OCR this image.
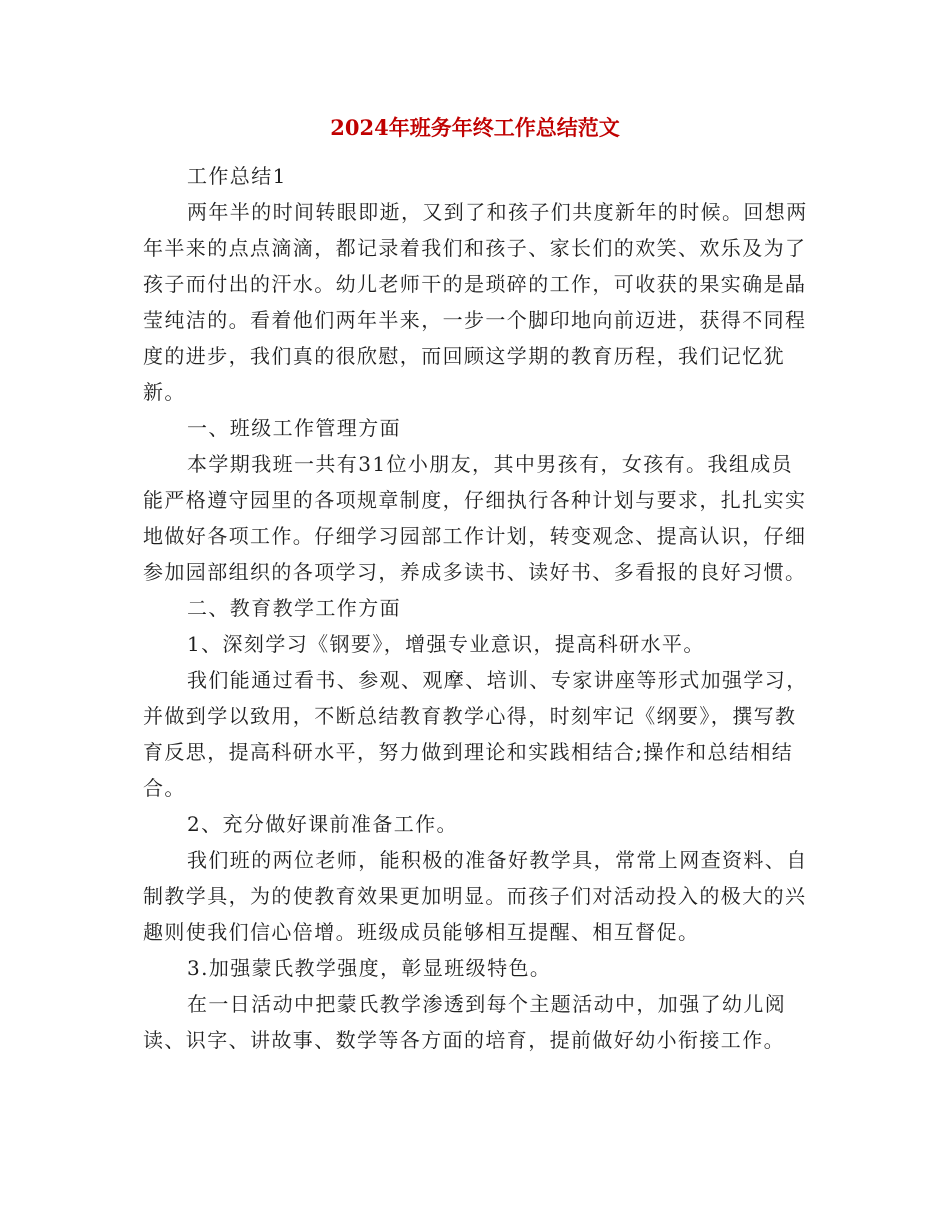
2024年班务年终工作总结范文

工作总结1

两年半的时间转眼即逝，又到了和孩子们共度新年的时候。回想两年半来的点点滴滴，都记录着我们和孩子、家长们的欢笑、欢乐及为了孩子而付出的汗水。幼儿老师干的是琐碎的工作，可收获的果实确是晶莹纯洁的。看着他们两年半来，一步一个脚印地向前迈进，获得不同程度的进步，我们真的很欣慰，而回顾这学期的教育历程，我们记忆犹新。

一、班级工作管理方面

本学期我班一共有31位小朋友，其中男孩有，女孩有。我组成员能严格遵守园里的各项规章制度，仔细执行各种计划与要求，扎扎实实地做好各项工作。仔细学习园部工作计划，转变观念、提高认识，仔细参加园部组织的各项学习，养成多读书、读好书、多看报的良好习惯。

二、教育教学工作方面

1、深刻学习《钢要》，增强专业意识，提高科研水平。

我们能通过看书、参观、观摩、培训、专家讲座等形式加强学习，并做到学以致用，不断总结教育教学心得，时刻牢记《纲要》，撰写教育反思，提高科研水平，努力做到理论和实践相结合;操作和总结相结合。

2、充分做好课前准备工作。

我们班的两位老师，能积极的准备好教学具，常常上网查资料、自制教学具，为的使教育效果更加明显。而孩子们对活动投入的极大的兴趣则使我们信心倍增。班级成员能够相互提醒、相互督促。

3.加强蒙氏教学强度，彰显班级特色。

在一日活动中把蒙氏教学渗透到每个主题活动中，加强了幼儿阅读、识字、讲故事、数学等各方面的培育，提前做好幼小衔接工作。
